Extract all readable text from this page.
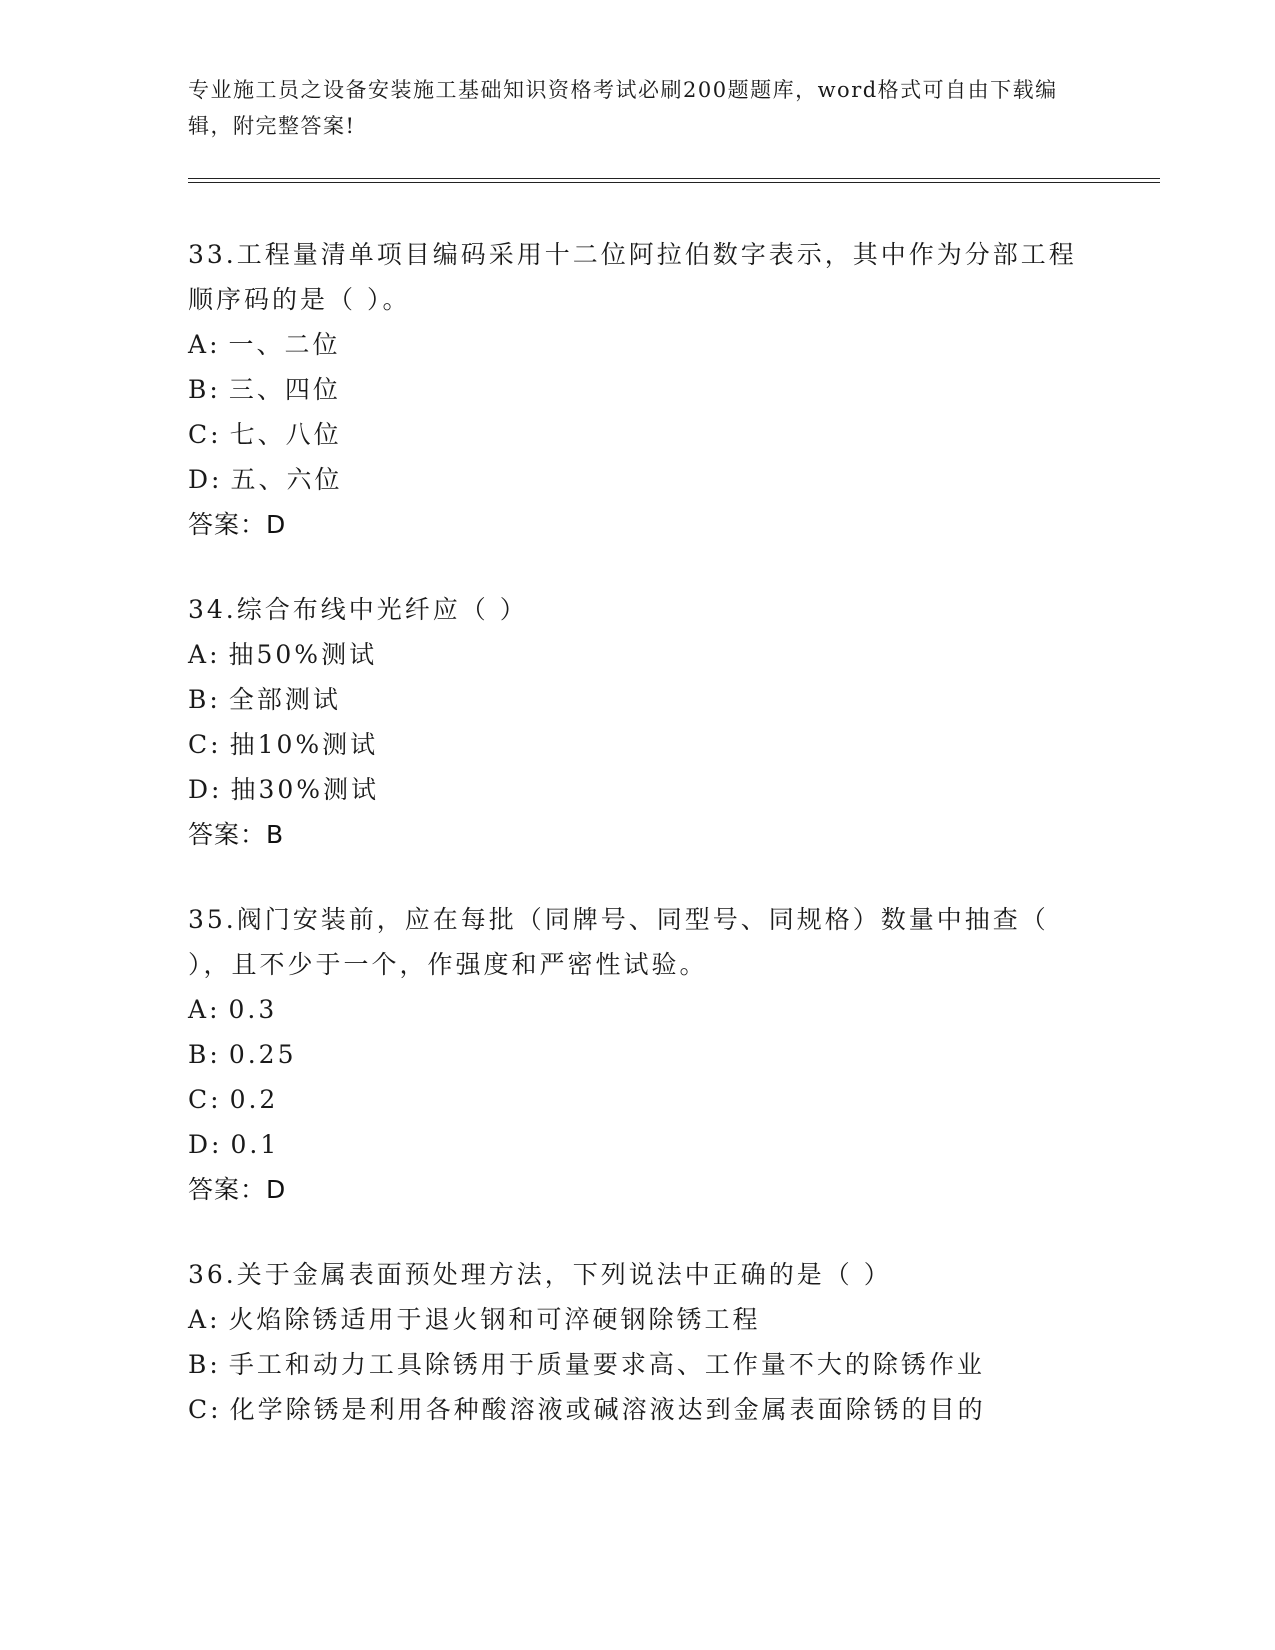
专业施工员之设备安装施工基础知识资格考试必刷200题题库，word格式可自由下载编辑，附完整答案!
33.工程量清单项目编码采用十二位阿拉伯数字表示，其中作为分部工程顺序码的是（ ）。
A: 一、二位
B: 三、四位
C: 七、八位
D: 五、六位
答案：D
34.综合布线中光纤应（ ）
A: 抽50%测试
B: 全部测试
C: 抽10%测试
D: 抽30%测试
答案：B
35.阀门安装前，应在每批（同牌号、同型号、同规格）数量中抽查（ ），且不少于一个，作强度和严密性试验。
A: 0.3
B: 0.25
C: 0.2
D: 0.1
答案：D
36.关于金属表面预处理方法，下列说法中正确的是（ ）
A: 火焰除锈适用于退火钢和可淬硬钢除锈工程
B: 手工和动力工具除锈用于质量要求高、工作量不大的除锈作业
C: 化学除锈是利用各种酸溶液或碱溶液达到金属表面除锈的目的
